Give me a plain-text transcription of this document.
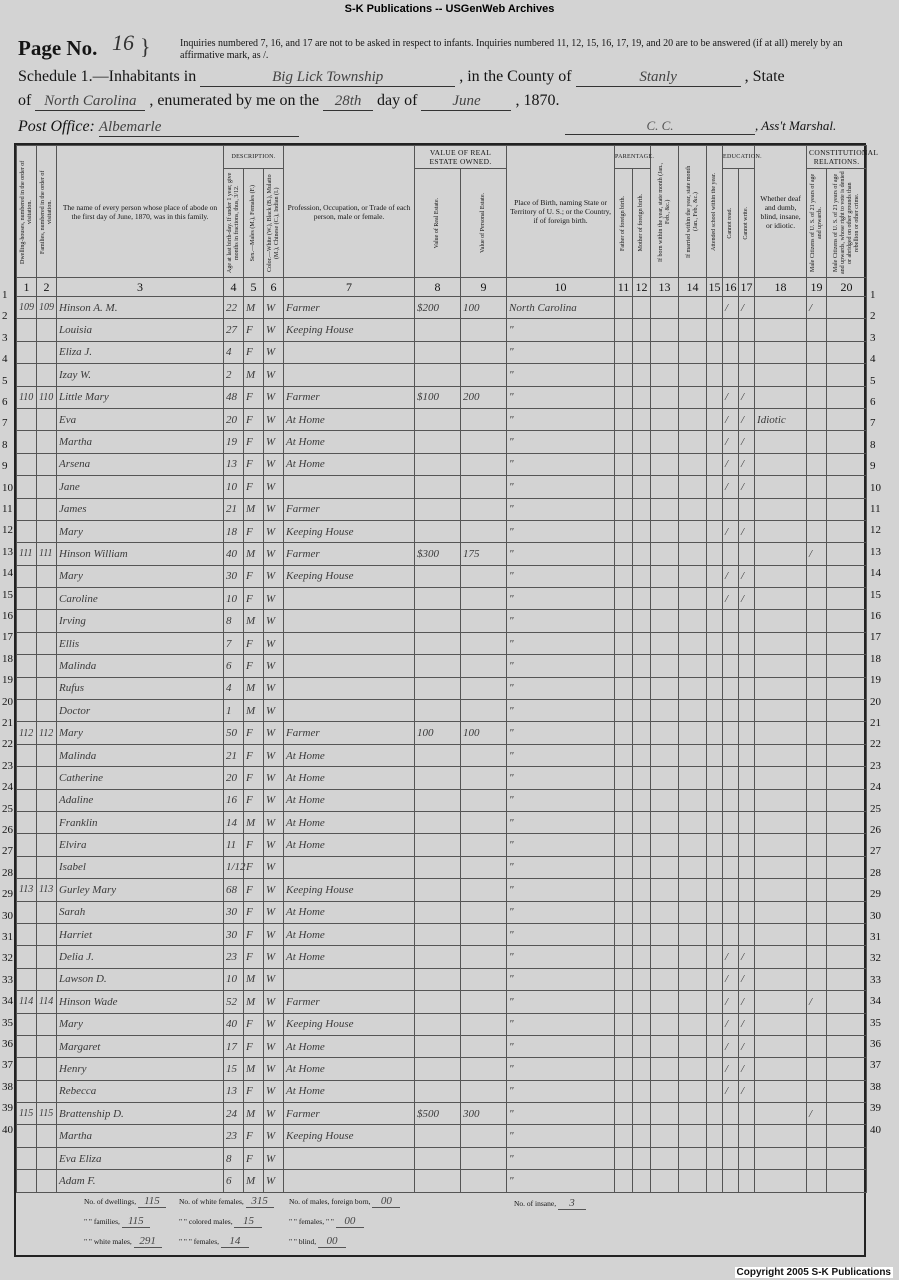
S-K Publications -- USGenWeb Archives
Page No. 16 }	Inquiries numbered 7, 16, and 17 are not to be asked in respect to infants. Inquiries numbered 11, 12, 15, 16, 17, 19, and 20 are to be answered (if at all) merely by an affirmative mark, as /.
Schedule 1.—Inhabitants in	Big Lick Township	, in the County of	Stanly	, State
of North Carolina , enumerated by me on the 28th day of June , 1870.
Post Office: Albemarle	C. C.	, Ass't Marshal.
Dwelling-houses, numbered in the order of visitation.	Families, numbered in the order of visitation.	The name of every person whose place of abode on the first day of June, 1870, was in this family.	DESCRIPTION.			Profession, Occupation, or Trade of each person, male or female.	VALUE OF REAL ESTATE OWNED.		Place of Birth, naming State or Territory of U. S.; or the Country, if of foreign birth.	PARENTAGE.		If born within the year, state month (Jan., Feb., &c.)	If married within the year, state month (Jan., Feb., &c.)	Attended school within the year.	EDUCATION.		Whether deaf and dumb, blind, insane, or idiotic.	CONSTITUTIONAL RELATIONS.	

			Age at last birth-day. If under 1 year, give months in fractions, thus, 3/12.	Sex.—Males (M.), Females (F.)	Color.—White (W.), Black (B.), Mulatto (M.), Chinese (C.), Indian (I.)		Value of Real Estate.	Value of Personal Estate.		Father of foreign birth.	Mother of foreign birth.				Cannot read.	Cannot write.		Male Citizens of U. S. of 21 years of age and upwards.	Male Citizens of U. S. of 21 years of age and upwards, whose right to vote is denied or abridged on other grounds than rebellion or other crime.

1	2	3	4	5	6	7	8	9	10	11	12	13	14	15	16	17	18	19	20
109	109	Hinson A. M.	22	M	W	Farmer	$200	100	North Carolina						/	/		/	
		Louisia	27	F	W	Keeping House			"										
		Eliza J.	4	F	W				"										
		Izay W.	2	M	W				"										
110	110	Little Mary	48	F	W	Farmer	$100	200	"						/	/			
		Eva	20	F	W	At Home			"						/	/	Idiotic		
		Martha	19	F	W	At Home			"						/	/			
		Arsena	13	F	W	At Home			"						/	/			
		Jane	10	F	W				"						/	/			
		James	21	M	W	Farmer			"										
		Mary	18	F	W	Keeping House			"						/	/			
111	111	Hinson William	40	M	W	Farmer	$300	175	"									/	
		Mary	30	F	W	Keeping House			"						/	/			
		Caroline	10	F	W				"						/	/			
		Irving	8	M	W				"										
		Ellis	7	F	W				"										
		Malinda	6	F	W				"										
		Rufus	4	M	W				"										
		Doctor	1	M	W				"										
112	112	Mary	50	F	W	Farmer	100	100	"										
		Malinda	21	F	W	At Home			"										
		Catherine	20	F	W	At Home			"										
		Adaline	16	F	W	At Home			"										
		Franklin	14	M	W	At Home			"										
		Elvira	11	F	W	At Home			"										
		Isabel	1/12	F	W				"										
113	113	Gurley Mary	68	F	W	Keeping House			"										
		Sarah	30	F	W	At Home			"										
		Harriet	30	F	W	At Home			"										
		Delia J.	23	F	W	At Home			"						/	/			
		Lawson D.	10	M	W				"						/	/			
114	114	Hinson Wade	52	M	W	Farmer			"						/	/		/	
		Mary	40	F	W	Keeping House			"						/	/			
		Margaret	17	F	W	At Home			"						/	/			
		Henry	15	M	W	At Home			"						/	/			
		Rebecca	13	F	W	At Home			"						/	/			
115	115	Brattenship D.	24	M	W	Farmer	$500	300	"									/	
		Martha	23	F	W	Keeping House			"										
		Eva Eliza	8	F	W				"										
		Adam F.	6	M	W				"										
No. of dwellings, 115
" " families, 115
" " white males, 291
No. of white females, 315
" " colored males, 15
" " " females, 14
No. of males, foreign born, 00
" " females, " " 00
" " blind, 00
No. of insane, 3
Copyright 2005 S-K Publications
1	1
2	2
3	3
4	4
5	5
6	6
7	7
8	8
9	9
10	10
11	11
12	12
13	13
14	14
15	15
16	16
17	17
18	18
19	19
20	20
21	21
22	22
23	23
24	24
25	25
26	26
27	27
28	28
29	29
30	30
31	31
32	32
33	33
34	34
35	35
36	36
37	37
38	38
39	39
40	40
